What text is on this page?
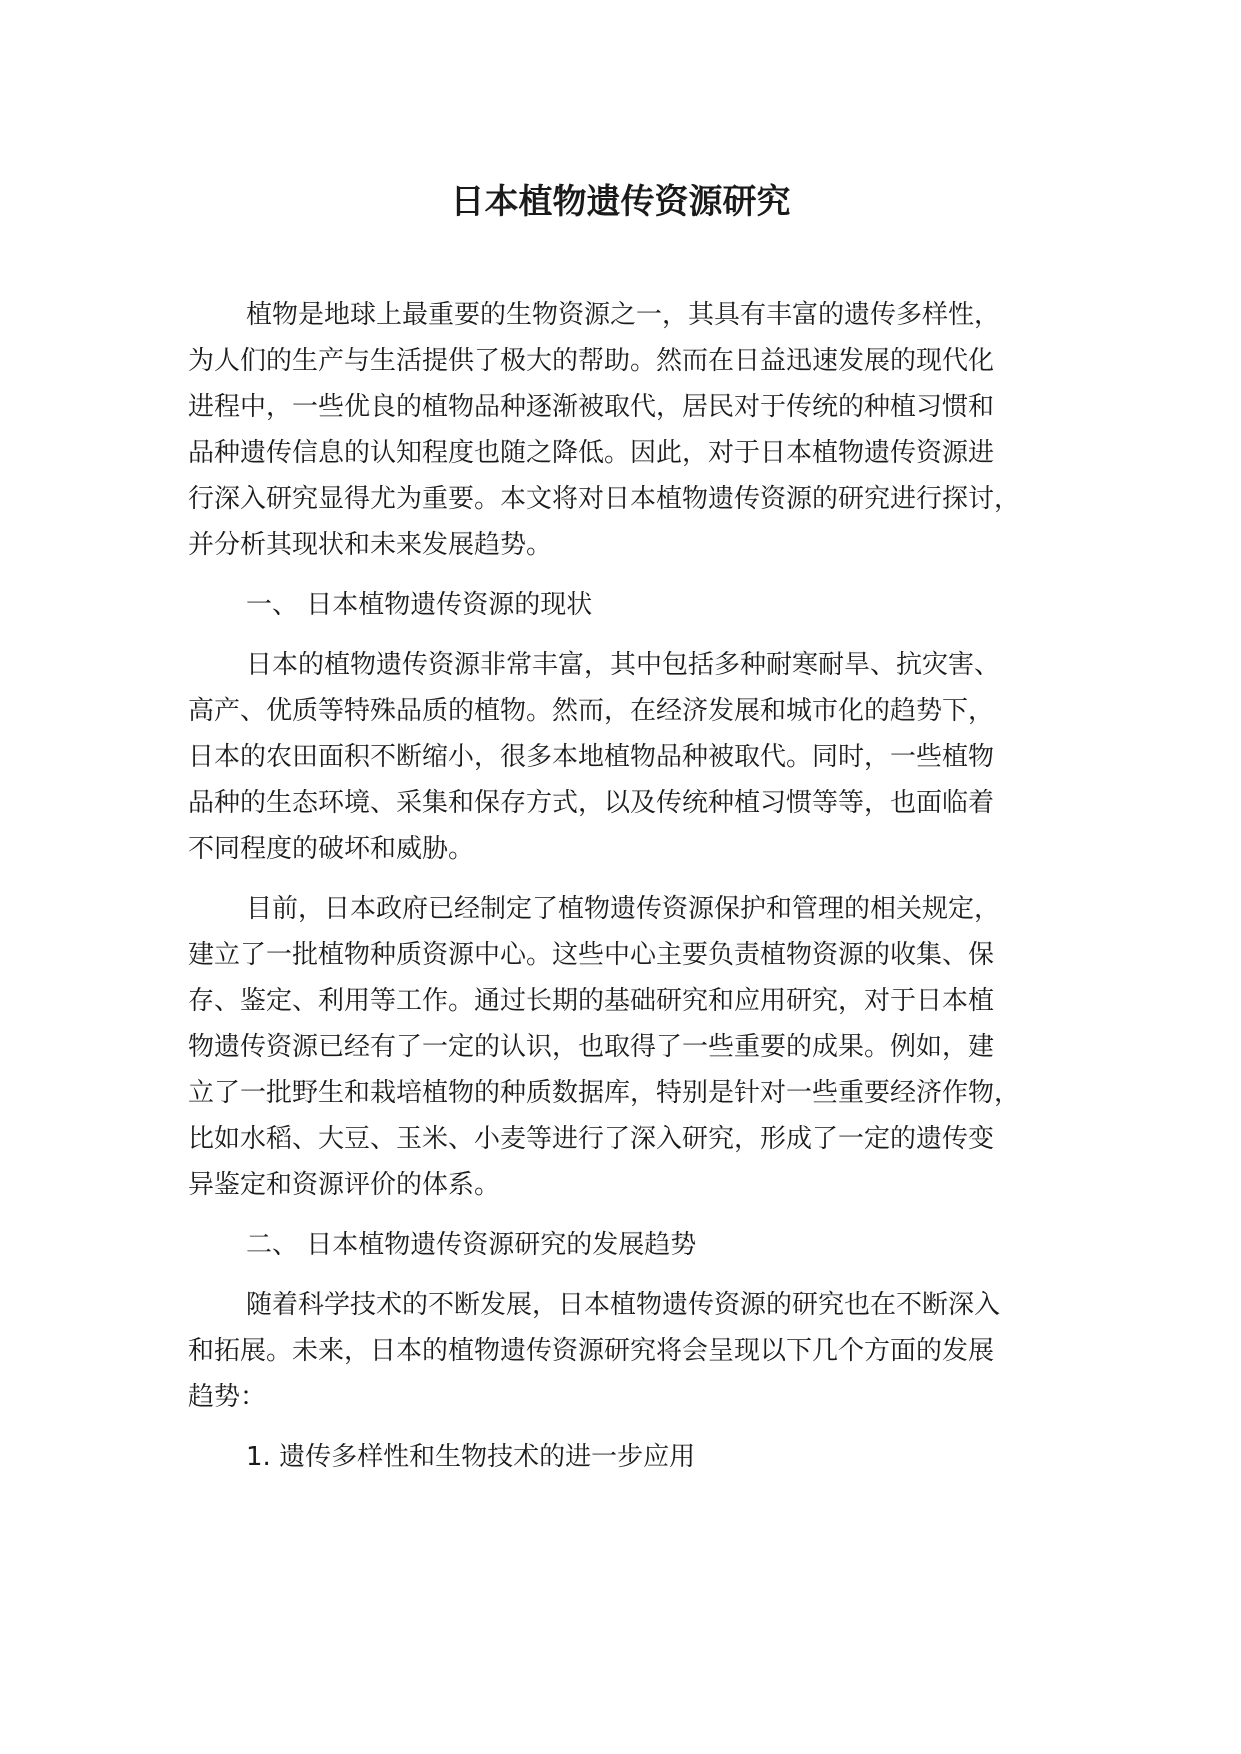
日本植物遗传资源研究
植物是地球上最重要的生物资源之一，其具有丰富的遗传多样性，
为人们的生产与生活提供了极大的帮助。然而在日益迅速发展的现代化
进程中，一些优良的植物品种逐渐被取代，居民对于传统的种植习惯和
品种遗传信息的认知程度也随之降低。因此，对于日本植物遗传资源进
行深入研究显得尤为重要。本文将对日本植物遗传资源的研究进行探讨，
并分析其现状和未来发展趋势。
一、 日本植物遗传资源的现状
日本的植物遗传资源非常丰富，其中包括多种耐寒耐旱、抗灾害、
高产、优质等特殊品质的植物。然而，在经济发展和城市化的趋势下，
日本的农田面积不断缩小，很多本地植物品种被取代。同时，一些植物
品种的生态环境、采集和保存方式，以及传统种植习惯等等，也面临着
不同程度的破坏和威胁。
目前，日本政府已经制定了植物遗传资源保护和管理的相关规定，
建立了一批植物种质资源中心。这些中心主要负责植物资源的收集、保
存、鉴定、利用等工作。通过长期的基础研究和应用研究，对于日本植
物遗传资源已经有了一定的认识，也取得了一些重要的成果。例如，建
立了一批野生和栽培植物的种质数据库，特别是针对一些重要经济作物，
比如水稻、大豆、玉米、小麦等进行了深入研究，形成了一定的遗传变
异鉴定和资源评价的体系。
二、 日本植物遗传资源研究的发展趋势
随着科学技术的不断发展，日本植物遗传资源的研究也在不断深入
和拓展。未来，日本的植物遗传资源研究将会呈现以下几个方面的发展
趋势：
1. 遗传多样性和生物技术的进一步应用
